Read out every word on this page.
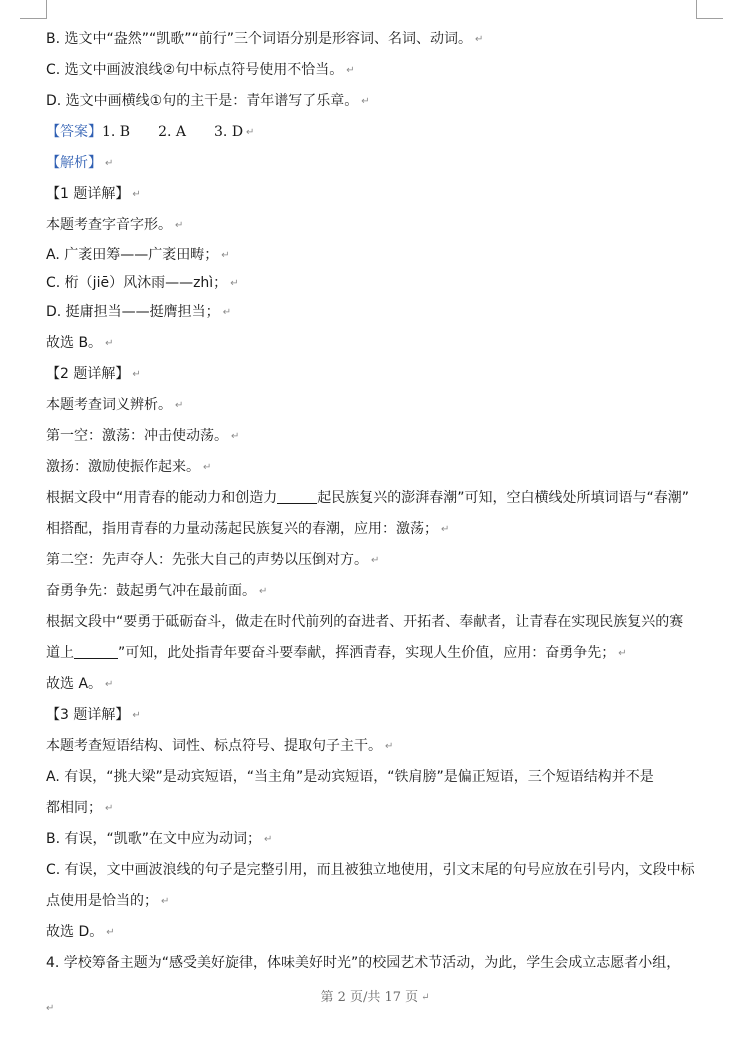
B. 选文中“盎然”“凯歌”“前行”三个词语分别是形容词、名词、动词。 ↵
C. 选文中画波浪线②句中标点符号使用不恰当。 ↵
D. 选文中画横线①句的主干是：青年谱写了乐章。 ↵
【答案】1. B　　2. A　　3. D ↵
【解析】 ↵
【1 题详解】 ↵
本题考查字音字形。 ↵
A. 广袤田筹——广袤田畴； ↵
C. 桁（jiē）风沐雨——zhì； ↵
D. 挺庸担当——挺膺担当； ↵
故选 B。 ↵
【2 题详解】 ↵
本题考查词义辨析。 ↵
第一空：激荡：冲击使动荡。 ↵
激扬：激励使振作起来。 ↵
根据文段中“用青春的能动力和创造力	起民族复兴的澎湃春潮”可知，空白横线处所填词语与“春潮”
相搭配，指用青春的力量动荡起民族复兴的春潮，应用：激荡； ↵
第二空：先声夺人：先张大自己的声势以压倒对方。 ↵
奋勇争先：鼓起勇气冲在最前面。 ↵
根据文段中“要勇于砥砺奋斗，做走在时代前列的奋进者、开拓者、奉献者，让青春在实现民族复兴的赛
道上	”可知，此处指青年要奋斗要奉献，挥洒青春，实现人生价值，应用：奋勇争先； ↵
故选 A。 ↵
【3 题详解】 ↵
本题考查短语结构、词性、标点符号、提取句子主干。 ↵
A. 有误，“挑大梁”是动宾短语，“当主角”是动宾短语，“铁肩膀”是偏正短语，三个短语结构并不是
都相同； ↵
B. 有误，“凯歌”在文中应为动词； ↵
C. 有误，文中画波浪线的句子是完整引用，而且被独立地使用，引文末尾的句号应放在引号内，文段中标
点使用是恰当的； ↵
故选 D。 ↵
4. 学校筹备主题为“感受美好旋律，体味美好时光”的校园艺术节活动，为此，学生会成立志愿者小组，
第 2 页/共 17 页 ↵
↵
